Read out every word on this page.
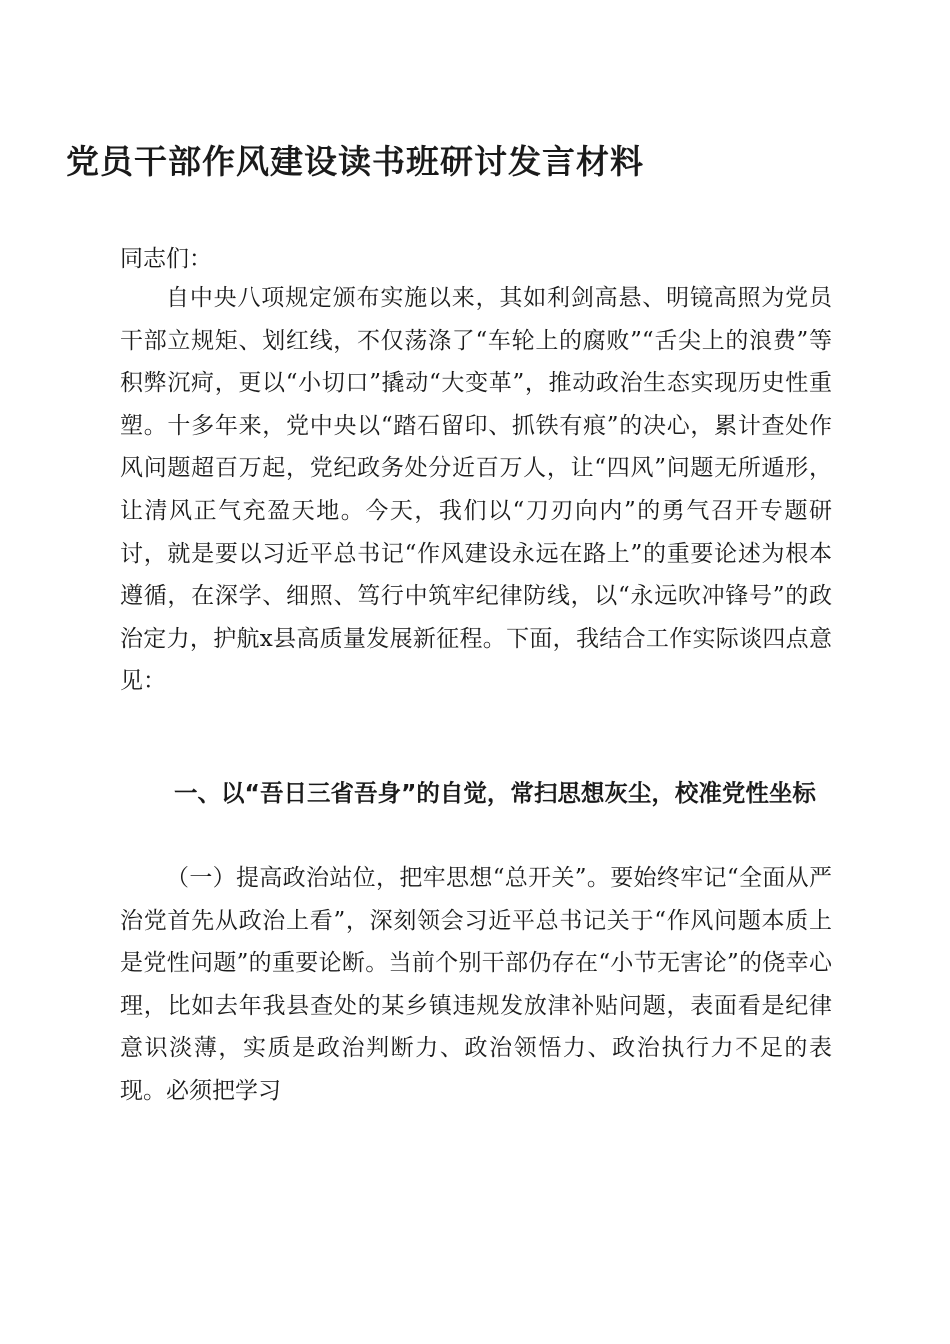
党员干部作风建设读书班研讨发言材料

同志们：

自中央八项规定颁布实施以来，其如利剑高悬、明镜高照为党员干部立规矩、划红线，不仅荡涤了“车轮上的腐败”“舌尖上的浪费”等积弊沉疴，更以“小切口”撬动“大变革”，推动政治生态实现历史性重塑。十多年来，党中央以“踏石留印、抓铁有痕”的决心，累计查处作风问题超百万起，党纪政务处分近百万人，让“四风”问题无所遁形，让清风正气充盈天地。今天，我们以“刀刃向内”的勇气召开专题研讨，就是要以习近平总书记“作风建设永远在路上”的重要论述为根本遵循，在深学、细照、笃行中筑牢纪律防线，以“永远吹冲锋号”的政治定力，护航x县高质量发展新征程。下面，我结合工作实际谈四点意见：

一、以“吾日三省吾身”的自觉，常扫思想灰尘，校准党性坐标

（一）提高政治站位，把牢思想“总开关”。要始终牢记“全面从严治党首先从政治上看”，深刻领会习近平总书记关于“作风问题本质上是党性问题”的重要论断。当前个别干部仍存在“小节无害论”的侥幸心理，比如去年我县查处的某乡镇违规发放津补贴问题，表面看是纪律意识淡薄，实质是政治判断力、政治领悟力、政治执行力不足的表现。必须把学习
